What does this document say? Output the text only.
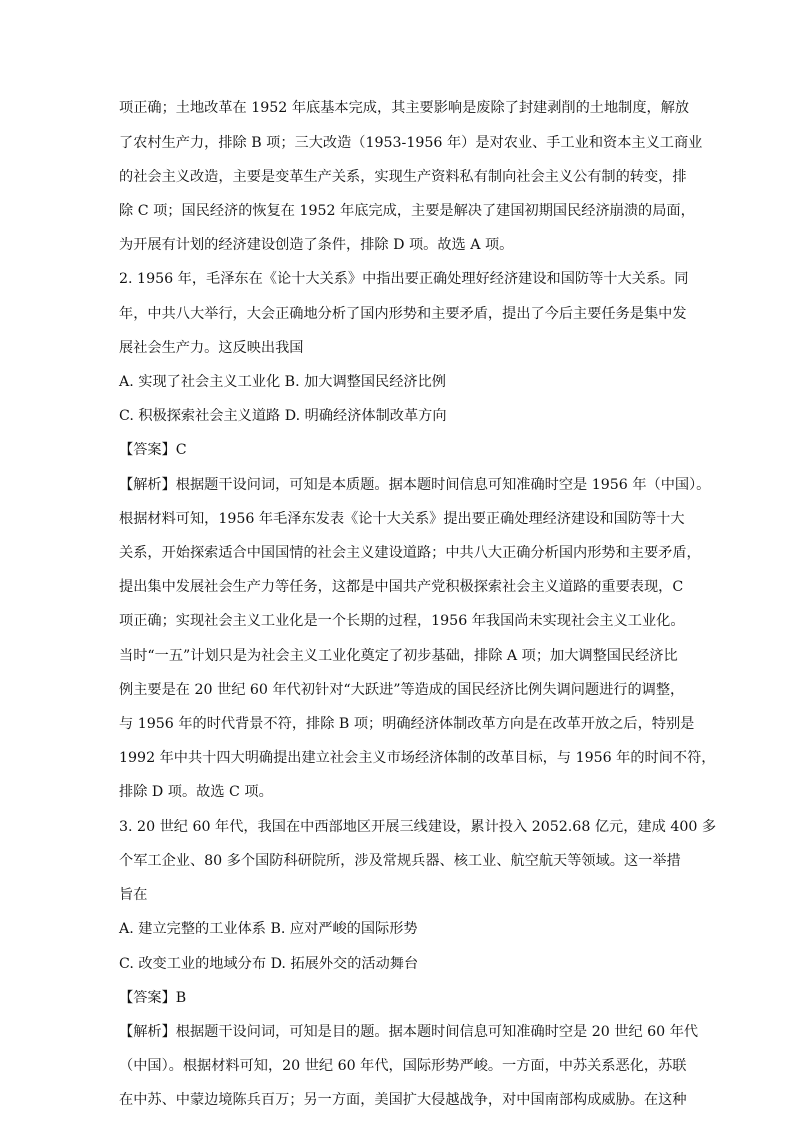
项正确；土地改革在 1952 年底基本完成，其主要影响是废除了封建剥削的土地制度，解放
了农村生产力，排除 B 项；三大改造（1953-1956 年）是对农业、手工业和资本主义工商业
的社会主义改造，主要是变革生产关系，实现生产资料私有制向社会主义公有制的转变，排
除 C 项；国民经济的恢复在 1952 年底完成，主要是解决了建国初期国民经济崩溃的局面，
为开展有计划的经济建设创造了条件，排除 D 项。故选 A 项。
2. 1956 年，毛泽东在《论十大关系》中指出要正确处理好经济建设和国防等十大关系。同
年，中共八大举行，大会正确地分析了国内形势和主要矛盾，提出了今后主要任务是集中发
展社会生产力。这反映出我国
A. 实现了社会主义工业化 B. 加大调整国民经济比例
C. 积极探索社会主义道路 D. 明确经济体制改革方向
【答案】C
【解析】根据题干设问词，可知是本质题。据本题时间信息可知准确时空是 1956 年（中国）。
根据材料可知，1956 年毛泽东发表《论十大关系》提出要正确处理经济建设和国防等十大
关系，开始探索适合中国国情的社会主义建设道路；中共八大正确分析国内形势和主要矛盾，
提出集中发展社会生产力等任务，这都是中国共产党积极探索社会主义道路的重要表现，C
项正确；实现社会主义工业化是一个长期的过程，1956 年我国尚未实现社会主义工业化。
当时“一五”计划只是为社会主义工业化奠定了初步基础，排除 A 项；加大调整国民经济比
例主要是在 20 世纪 60 年代初针对“大跃进”等造成的国民经济比例失调问题进行的调整，
与 1956 年的时代背景不符，排除 B 项；明确经济体制改革方向是在改革开放之后，特别是
1992 年中共十四大明确提出建立社会主义市场经济体制的改革目标，与 1956 年的时间不符，
排除 D 项。故选 C 项。
3. 20 世纪 60 年代，我国在中西部地区开展三线建设，累计投入 2052.68 亿元，建成 400 多
个军工企业、80 多个国防科研院所，涉及常规兵器、核工业、航空航天等领域。这一举措
旨在
A. 建立完整的工业体系 B. 应对严峻的国际形势
C. 改变工业的地域分布 D. 拓展外交的活动舞台
【答案】B
【解析】根据题干设问词，可知是目的题。据本题时间信息可知准确时空是 20 世纪 60 年代
（中国）。根据材料可知，20 世纪 60 年代，国际形势严峻。一方面，中苏关系恶化，苏联
在中苏、中蒙边境陈兵百万；另一方面，美国扩大侵越战争，对中国南部构成威胁。在这种
